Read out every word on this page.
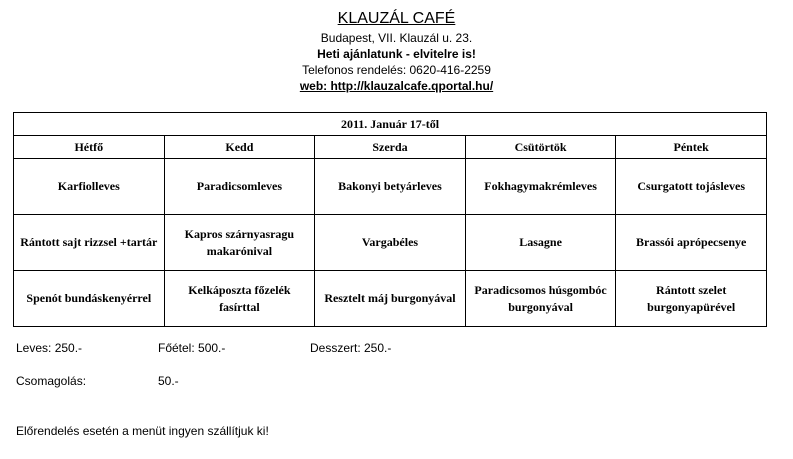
KLAUZÁL CAFÉ

Budapest, VII. Klauzál u. 23.

Heti ajánlatunk - elvitelre is!

Telefonos rendelés: 0620-416-2259

web: http://klauzalcafe.qportal.hu/

2011. Január 17-től				
Hétfő	Kedd	Szerda	Csütörtök	Péntek
Karfiolleves	Paradicsomleves	Bakonyi betyárleves	Fokhagymakrémleves	Csurgatott tojásleves
Rántott sajt rizzsel +tartár	Kapros szárnyasragu makarónival	Vargabéles	Lasagne	Brassói aprópecsenye
Spenót bundáskenyérrel	Kelkáposzta főzelék fasírttal	Resztelt máj burgonyával	Paradicsomos húsgombóc burgonyával	Rántott szelet burgonyapürével

Leves: 250.-	Főétel: 500.-	Desszert: 250.-

Csomagolás:	50.-

Előrendelés esetén a menüt ingyen szállítjuk ki!
